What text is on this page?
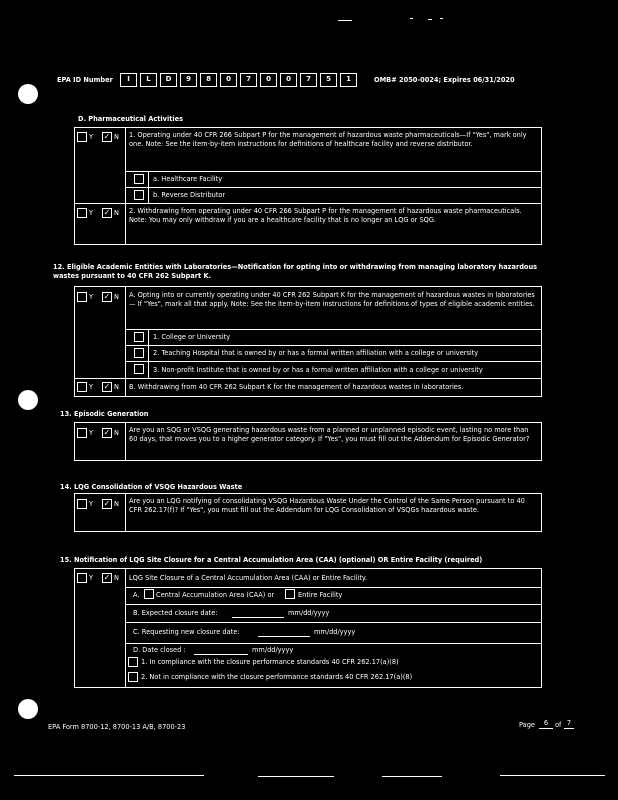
EPA ID Number	I	L	D	9	8	0	7	0	0	7	5	1	OMB# 2050-0024; Expires 06/31/2020
D. Pharmaceutical Activities
Y ✓ N 1. Operating under 40 CFR 266 Subpart P for the management of hazardous waste pharmaceuticals—If "Yes", mark only one. Note: See the item-by-item instructions for definitions of healthcare facility and reverse distributor.
a. Healthcare Facility
b. Reverse Distributor
Y ✓ N 2. Withdrawing from operating under 40 CFR 266 Subpart P for the management of hazardous waste pharmaceuticals. Note: You may only withdraw if you are a healthcare facility that is no longer an LQG or SQG.
12. Eligible Academic Entities with Laboratories—Notification for opting into or withdrawing from managing laboratory hazardous wastes pursuant to 40 CFR 262 Subpart K.
Y ✓ N A. Opting into or currently operating under 40 CFR 262 Subpart K for the management of hazardous wastes in laboratories— If "Yes", mark all that apply. Note: See the item-by-item instructions for definitions of types of eligible academic entities.
1. College or University
2. Teaching Hospital that is owned by or has a formal written affiliation with a college or university
3. Non-profit Institute that is owned by or has a formal written affiliation with a college or university
Y ✓ N B. Withdrawing from 40 CFR 262 Subpart K for the management of hazardous wastes in laboratories.
13. Episodic Generation
Y ✓ N Are you an SQG or VSQG generating hazardous waste from a planned or unplanned episodic event, lasting no more than 60 days, that moves you to a higher generator category. If "Yes", you must fill out the Addendum for Episodic Generator?
14. LQG Consolidation of VSQG Hazardous Waste
Y ✓ N Are you an LQG notifying of consolidating VSQG Hazardous Waste Under the Control of the Same Person pursuant to 40 CFR 262.17(f)? If "Yes", you must fill out the Addendum for LQG Consolidation of VSQGs hazardous waste.
15. Notification of LQG Site Closure for a Central Accumulation Area (CAA) (optional) OR Entire Facility (required)
Y ✓ N LQG Site Closure of a Central Accumulation Area (CAA) or Entire Facility.
A.	Central Accumulation Area (CAA) or	Entire Facility
B. Expected closure date:	mm/dd/yyyy
C. Requesting new closure date:	mm/dd/yyyy
D. Date closed :	mm/dd/yyyy
1. In compliance with the closure performance standards 40 CFR 262.17(a)(8)
2. Not in compliance with the closure performance standards 40 CFR 262.17(a)(8)
EPA Form 8700-12, 8700-13 A/B, 8700-23	Page	6	of 7
